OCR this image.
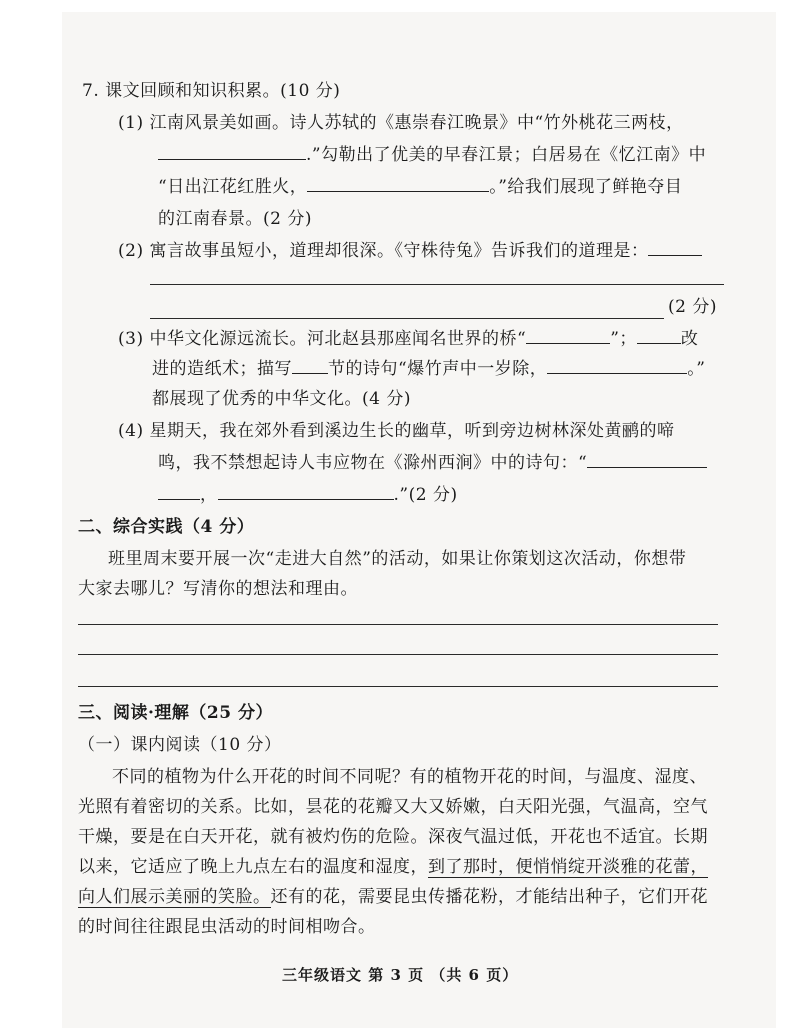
7. 课文回顾和知识积累。(10 分)
(1) 江南风景美如画。诗人苏轼的《惠崇春江晚景》中“竹外桃花三两枝，
.”勾勒出了优美的早春江景；白居易在《忆江南》中
“日出江花红胜火，	。”给我们展现了鲜艳夺目
的江南春景。(2 分)
(2) 寓言故事虽短小，道理却很深。《守株待兔》告诉我们的道理是：
(2 分)
(3) 中华文化源远流长。河北赵县那座闻名世界的桥“	”；	改
进的造纸术；描写 节的诗句“爆竹声中一岁除，	。”
都展现了优秀的中华文化。(4 分)
(4) 星期天，我在郊外看到溪边生长的幽草，听到旁边树林深处黄鹂的啼
鸣，我不禁想起诗人韦应物在《滁州西涧》中的诗句：“
，	.”(2 分)
二、综合实践（4 分）
班里周末要开展一次“走进大自然”的活动，如果让你策划这次活动，你想带
大家去哪儿？写清你的想法和理由。
三、阅读·理解（25 分）
（一）课内阅读（10 分）
不同的植物为什么开花的时间不同呢？有的植物开花的时间，与温度、湿度、
光照有着密切的关系。比如，昙花的花瓣又大又娇嫩，白天阳光强，气温高，空气
干燥，要是在白天开花，就有被灼伤的危险。深夜气温过低，开花也不适宜。长期
以来，它适应了晚上九点左右的温度和湿度，到了那时，便悄悄绽开淡雅的花蕾，
向人们展示美丽的笑脸。还有的花，需要昆虫传播花粉，才能结出种子，它们开花
的时间往往跟昆虫活动的时间相吻合。
三年级语文 第 3 页 （共 6 页）
